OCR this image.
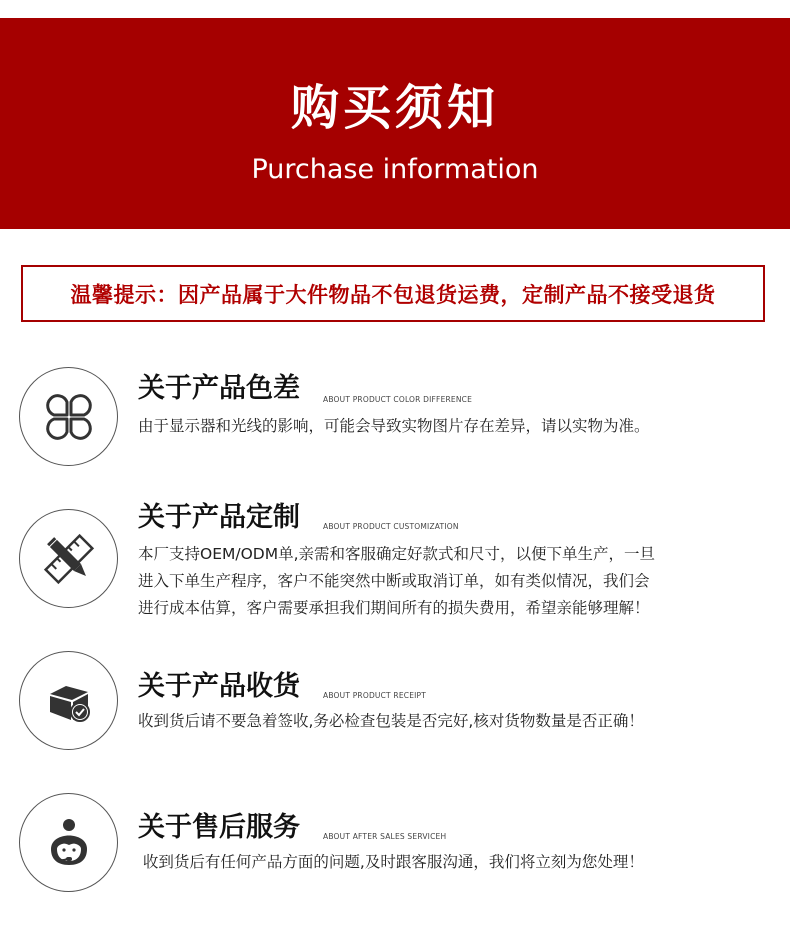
购买须知
Purchase information
温馨提示：因产品属于大件物品不包退货运费，定制产品不接受退货
关于产品色差	ABOUT PRODUCT COLOR DIFFERENCE
由于显示器和光线的影响，可能会导致实物图片存在差异，请以实物为准。
关于产品定制	ABOUT PRODUCT CUSTOMIZATION
本厂支持OEM/ODM单,亲需和客服确定好款式和尺寸，以便下单生产，一旦
进入下单生产程序，客户不能突然中断或取消订单，如有类似情况，我们会
进行成本估算，客户需要承担我们期间所有的损失费用，希望亲能够理解！
关于产品收货	ABOUT PRODUCT RECEIPT
收到货后请不要急着签收,务必检查包装是否完好,核对货物数量是否正确！
关于售后服务	ABOUT AFTER SALES SERVICEH
收到货后有任何产品方面的问题,及时跟客服沟通，我们将立刻为您处理！
